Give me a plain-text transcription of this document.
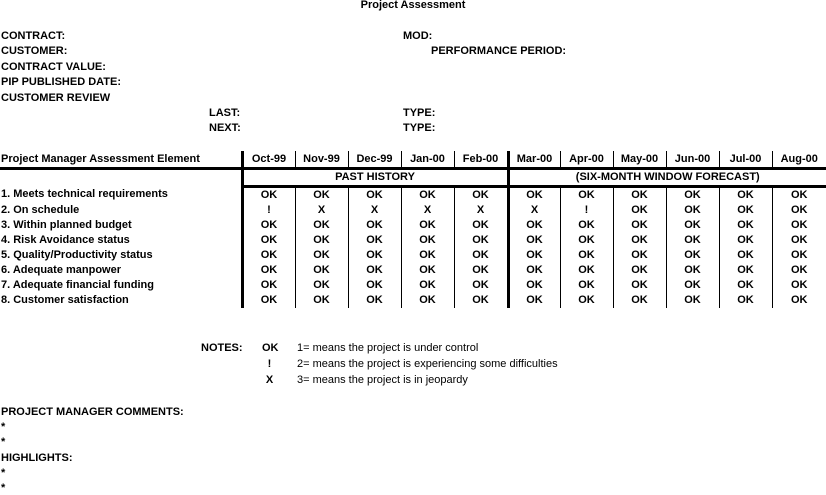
Project Assessment
CONTRACT:	MOD:
CUSTOMER:	PERFORMANCE PERIOD:
CONTRACT VALUE:
PIP PUBLISHED DATE:
CUSTOMER REVIEW
LAST:	TYPE:
NEXT:	TYPE:
Project Manager Assessment Element	Oct-99	Nov-99	Dec-99	Jan-00	Feb-00	Mar-00	Apr-00	May-00	Jun-00	Jul-00	Aug-00
	PAST HISTORY					(SIX-MONTH WINDOW FORECAST)					
1. Meets technical requirements	OK	OK	OK	OK	OK	OK	OK	OK	OK	OK	OK
2. On schedule	!	X	X	X	X	X	!	OK	OK	OK	OK
3. Within planned budget	OK	OK	OK	OK	OK	OK	OK	OK	OK	OK	OK
4. Risk Avoidance status	OK	OK	OK	OK	OK	OK	OK	OK	OK	OK	OK
5. Quality/Productivity status	OK	OK	OK	OK	OK	OK	OK	OK	OK	OK	OK
6. Adequate manpower	OK	OK	OK	OK	OK	OK	OK	OK	OK	OK	OK
7. Adequate financial funding	OK	OK	OK	OK	OK	OK	OK	OK	OK	OK	OK
8. Customer satisfaction	OK	OK	OK	OK	OK	OK	OK	OK	OK	OK	OK
NOTES: OK 1= means the project is under control
!	2= means the project is experiencing some difficulties
X	3= means the project is in jeopardy
PROJECT MANAGER COMMENTS:
*
*
HIGHLIGHTS:
*
*
